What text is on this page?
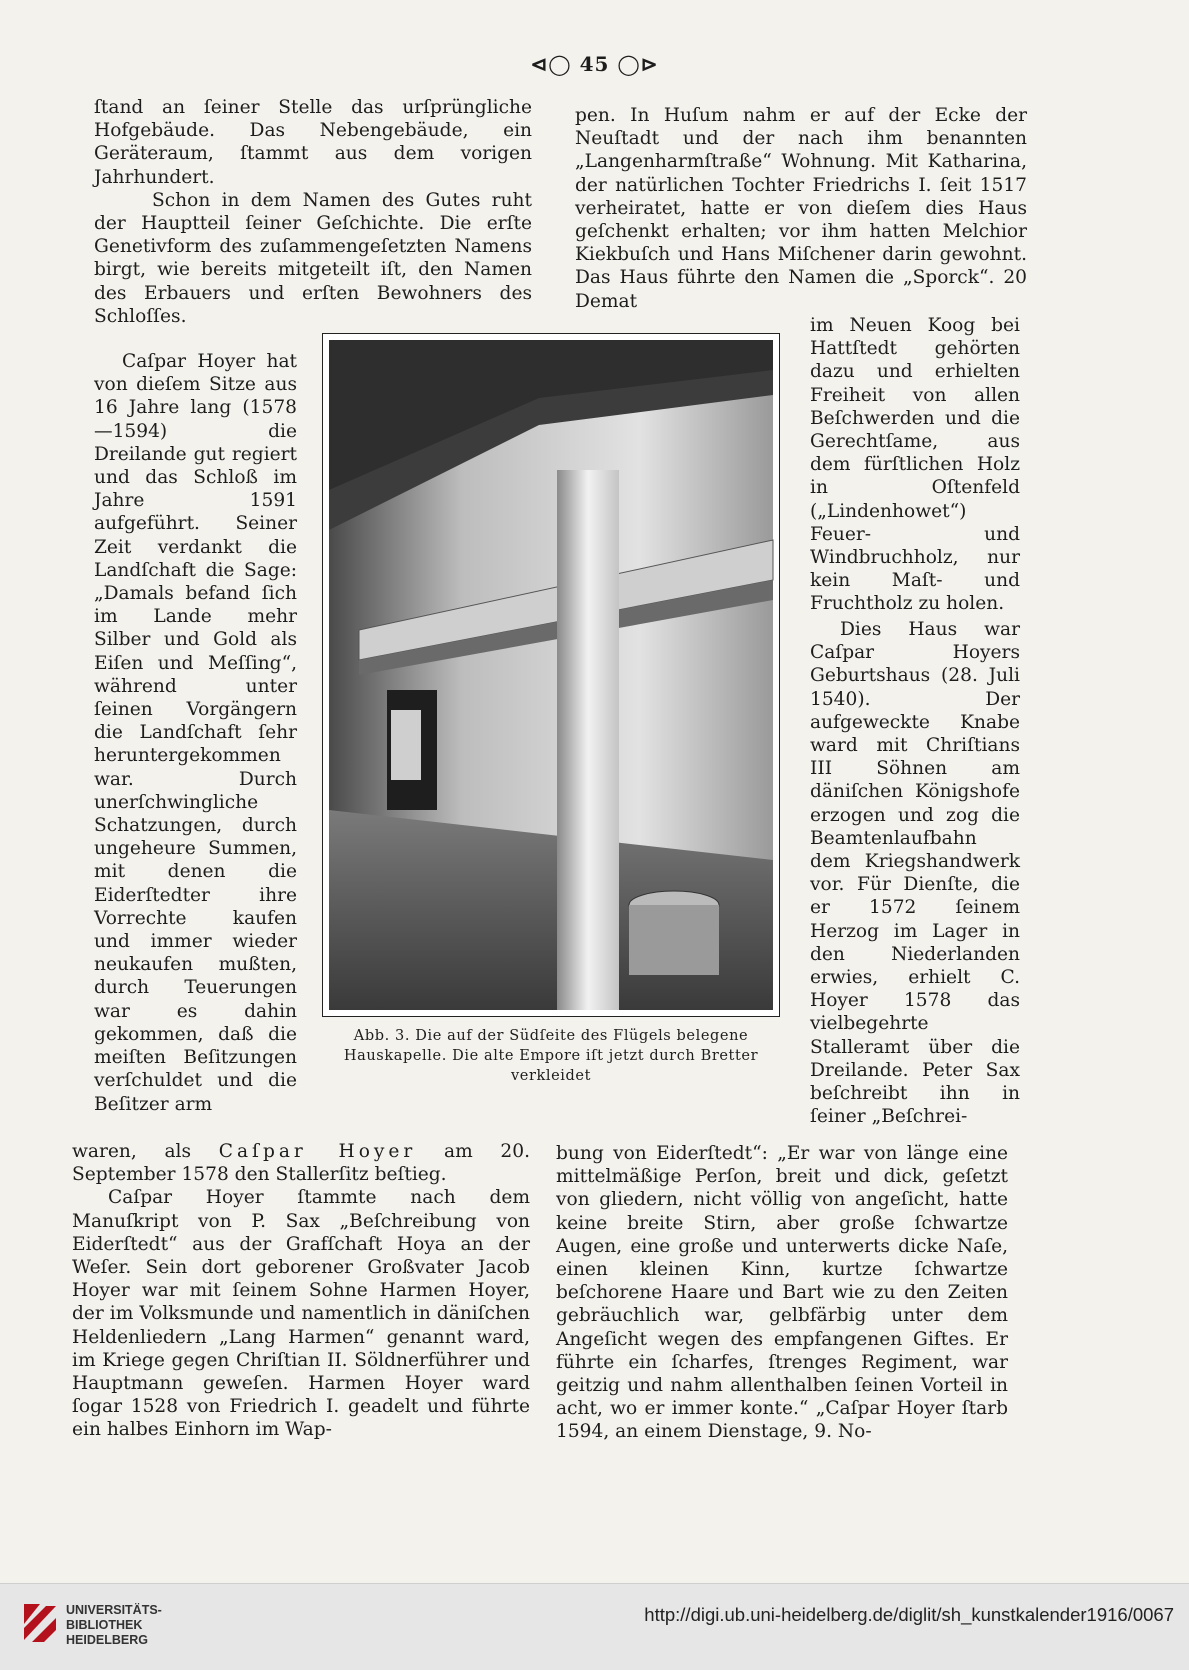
⊲◯ 45 ◯⊳

ſtand an ſeiner Stelle das urſprüngliche Hofgebäude. Das Nebengebäude, ein Geräteraum, ſtammt aus dem vorigen Jahrhundert.

Schon in dem Namen des Gutes ruht der Hauptteil ſeiner Geſchichte. Die erſte Genetivform des zuſammengeſetzten Namens birgt, wie bereits mitgeteilt iſt, den Namen des Erbauers und erſten Bewohners des Schloſſes.

Caſpar Hoyer hat von dieſem Sitze aus 16 Jahre lang (1578—1594) die Dreilande gut regiert und das Schloß im Jahre 1591 aufgeführt. Seiner Zeit verdankt die Landſchaft die Sage: „Damals befand ſich im Lande mehr Silber und Gold als Eiſen und Meſſing“, während unter ſeinen Vorgängern die Landſchaft ſehr heruntergekommen war. Durch unerſchwingliche Schatzungen, durch ungeheure Summen, mit denen die Eiderſtedter ihre Vorrechte kaufen und immer wieder neukaufen mußten, durch Teuerungen war es dahin gekommen, daß die meiſten Beſitzungen verſchuldet und die Beſitzer arm

waren, als Caſpar Hoyer am 20. September 1578 den Stallerſitz beſtieg.

Caſpar Hoyer ſtammte nach dem Manuſkript von P. Sax „Beſchreibung von Eiderſtedt“ aus der Grafſchaft Hoya an der Weſer. Sein dort geborener Großvater Jacob Hoyer war mit ſeinem Sohne Harmen Hoyer, der im Volksmunde und namentlich in däniſchen Heldenliedern „Lang Harmen“ genannt ward, im Kriege gegen Chriſtian II. Söldnerführer und Hauptmann geweſen. Harmen Hoyer ward ſogar 1528 von Friedrich I. geadelt und führte ein halbes Einhorn im Wap-

pen. In Huſum nahm er auf der Ecke der Neuſtadt und der nach ihm benannten „Langenharmſtraße“ Wohnung. Mit Katharina, der natürlichen Tochter Friedrichs I. ſeit 1517 verheiratet, hatte er von dieſem dies Haus geſchenkt erhalten; vor ihm hatten Melchior Kiekbuſch und Hans Miſchener darin gewohnt. Das Haus führte den Namen die „Sporck“. 20 Demat

im Neuen Koog bei Hattſtedt gehörten dazu und erhielten Freiheit von allen Beſchwerden und die Gerechtſame, aus dem fürſtlichen Holz in Oſtenfeld („Lindenhowet“) Feuer- und Windbruchholz, nur kein Maſt- und Fruchtholz zu holen.

Dies Haus war Caſpar Hoyers Geburtshaus (28. Juli 1540). Der aufgeweckte Knabe ward mit Chriſtians III Söhnen am däniſchen Königshofe erzogen und zog die Beamtenlaufbahn dem Kriegshandwerk vor. Für Dienſte, die er 1572 ſeinem Herzog im Lager in den Niederlanden erwies, erhielt C. Hoyer 1578 das vielbegehrte Stalleramt über die Dreilande. Peter Sax beſchreibt ihn in ſeiner „Beſchrei-

bung von Eiderſtedt“: „Er war von länge eine mittelmäßige Perſon, breit und dick, geſetzt von gliedern, nicht völlig von angeſicht, hatte keine breite Stirn, aber große ſchwartze Augen, eine große und unterwerts dicke Naſe, einen kleinen Kinn, kurtze ſchwartze beſchorene Haare und Bart wie zu den Zeiten gebräuchlich war, gelbfärbig unter dem Angeſicht wegen des empfangenen Giftes. Er führte ein ſcharfes, ſtrenges Regiment, war geitzig und nahm allenthalben ſeinen Vorteil in acht, wo er immer konte.“ „Caſpar Hoyer ſtarb 1594, an einem Dienstage, 9. No-

Abb. 3. Die auf der Südſeite des Flügels belegene
Hauskapelle. Die alte Empore iſt jetzt durch Bretter
verkleidet
UNIVERSITÄTS-
BIBLIOTHEK
HEIDELBERG
http://digi.ub.uni-heidelberg.de/diglit/sh_kunstkalender1916/0067
